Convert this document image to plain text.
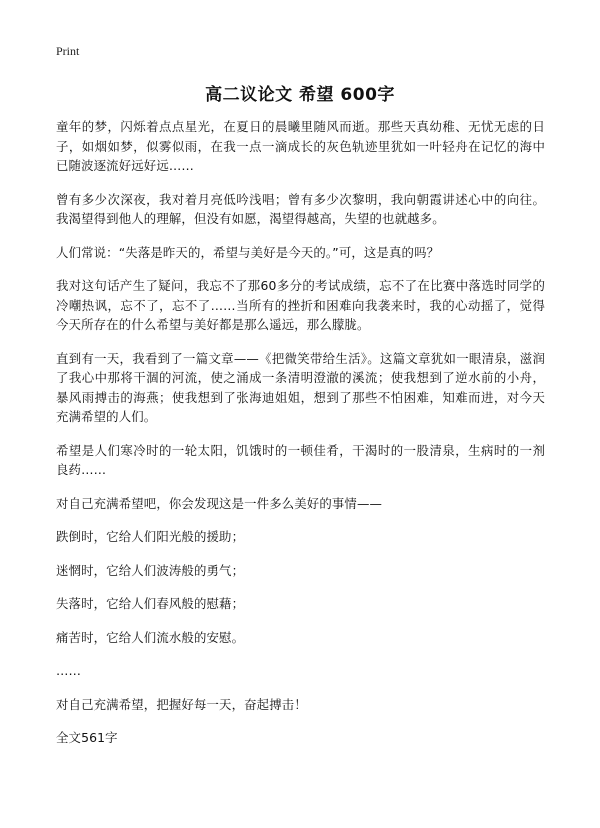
Print
高二议论文 希望 600字

童年的梦，闪烁着点点星光，在夏日的晨曦里随风而逝。那些天真幼稚、无忧无虑的日子，如烟如梦，似雾似雨，在我一点一滴成长的灰色轨迹里犹如一叶轻舟在记忆的海中已随波逐流好远好远……

曾有多少次深夜，我对着月亮低吟浅唱；曾有多少次黎明，我向朝霞讲述心中的向往。我渴望得到他人的理解，但没有如愿，渴望得越高，失望的也就越多。

人们常说：“失落是昨天的，希望与美好是今天的。”可，这是真的吗？

我对这句话产生了疑问，我忘不了那60多分的考试成绩，忘不了在比赛中落选时同学的冷嘲热讽，忘不了，忘不了……当所有的挫折和困难向我袭来时，我的心动摇了，觉得今天所存在的什么希望与美好都是那么遥远，那么朦胧。

直到有一天，我看到了一篇文章——《把微笑带给生活》。这篇文章犹如一眼清泉，滋润了我心中那将干涸的河流，使之涌成一条清明澄澈的溪流；使我想到了逆水前的小舟，暴风雨搏击的海燕；使我想到了张海迪姐姐，想到了那些不怕困难，知难而进，对今天充满希望的人们。

希望是人们寒冷时的一轮太阳，饥饿时的一顿佳肴，干渴时的一股清泉，生病时的一剂良药……

对自己充满希望吧，你会发现这是一件多么美好的事情——

跌倒时，它给人们阳光般的援助；

迷惘时，它给人们波涛般的勇气；

失落时，它给人们春风般的慰藉；

痛苦时，它给人们流水般的安慰。

……

对自己充满希望，把握好每一天，奋起搏击！

全文561字
